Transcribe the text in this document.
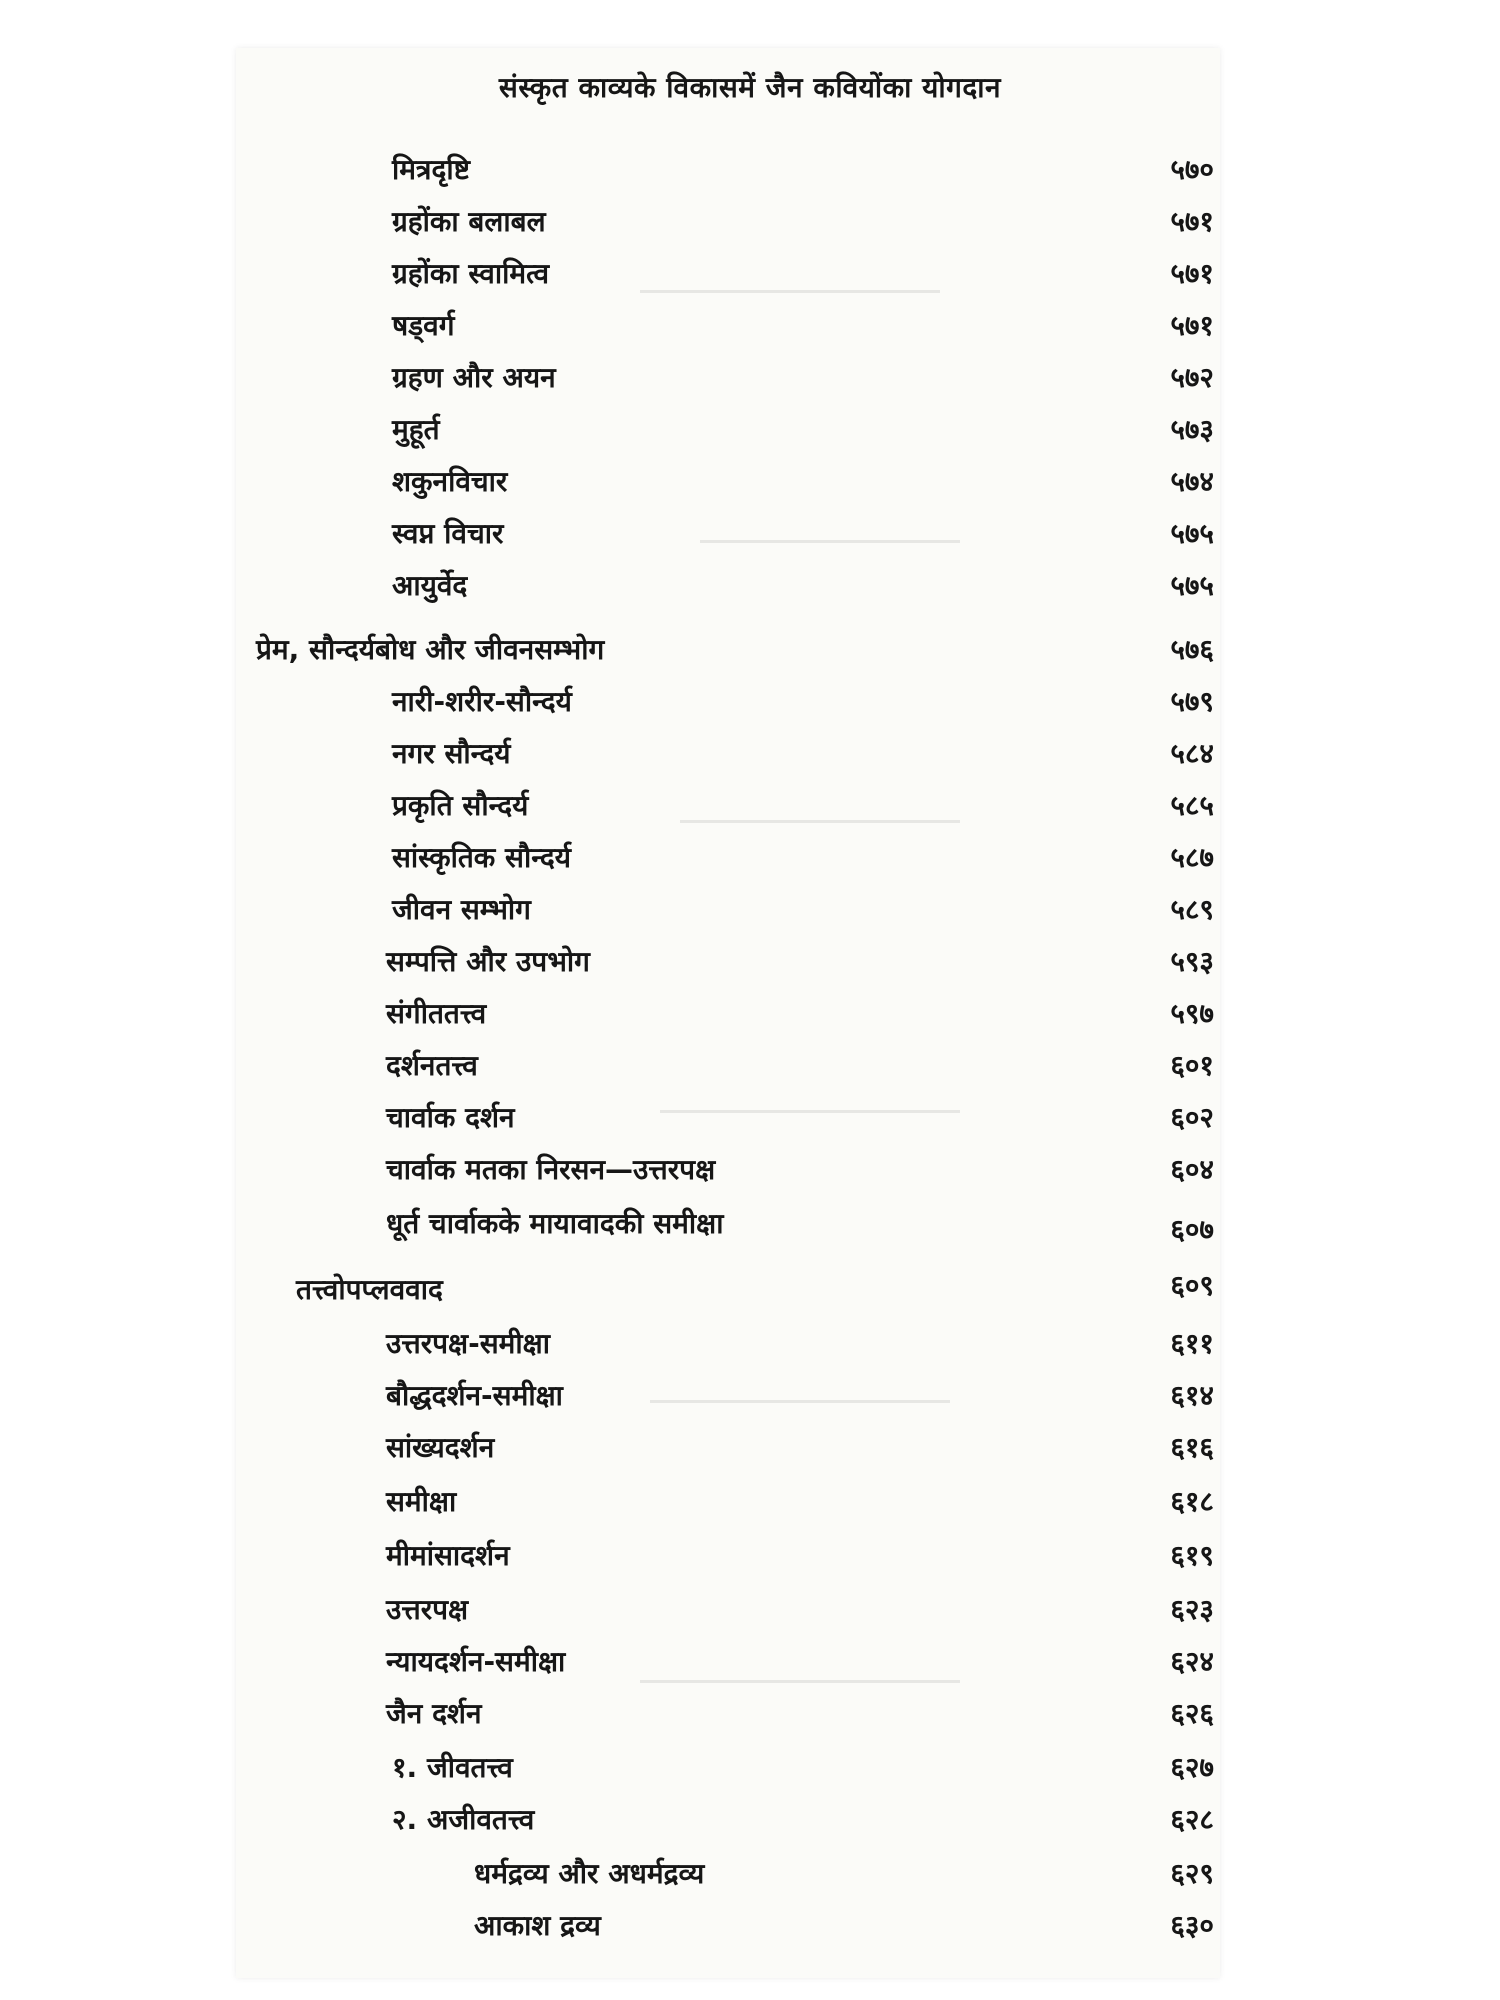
संस्कृत काव्यके विकासमें जैन कवियोंका योगदान
मित्रदृष्टि	५७०
ग्रहोंका बलाबल	५७१
ग्रहोंका स्वामित्व	५७१
षड्वर्ग	५७१
ग्रहण और अयन	५७२
मुहूर्त	५७३
शकुनविचार	५७४
स्वप्न विचार	५७५
आयुर्वेद	५७५
प्रेम, सौन्दर्यबोध और जीवनसम्भोग	५७६
नारी-शरीर-सौन्दर्य	५७९
नगर सौन्दर्य	५८४
प्रकृति सौन्दर्य	५८५
सांस्कृतिक सौन्दर्य	५८७
जीवन सम्भोग	५८९
सम्पत्ति और उपभोग	५९३
संगीततत्त्व	५९७
दर्शनतत्त्व	६०१
चार्वाक दर्शन	६०२
चार्वाक मतका निरसन—उत्तरपक्ष	६०४
धूर्त चार्वाकके मायावादकी समीक्षा	६०७
तत्त्वोपप्लववाद	६०९
उत्तरपक्ष-समीक्षा	६११
बौद्धदर्शन-समीक्षा	६१४
सांख्यदर्शन	६१६
समीक्षा	६१८
मीमांसादर्शन	६१९
उत्तरपक्ष	६२३
न्यायदर्शन-समीक्षा	६२४
जैन दर्शन	६२६
१. जीवतत्त्व	६२७
२. अजीवतत्त्व	६२८
धर्मद्रव्य और अधर्मद्रव्य	६२९
आकाश द्रव्य	६३०
